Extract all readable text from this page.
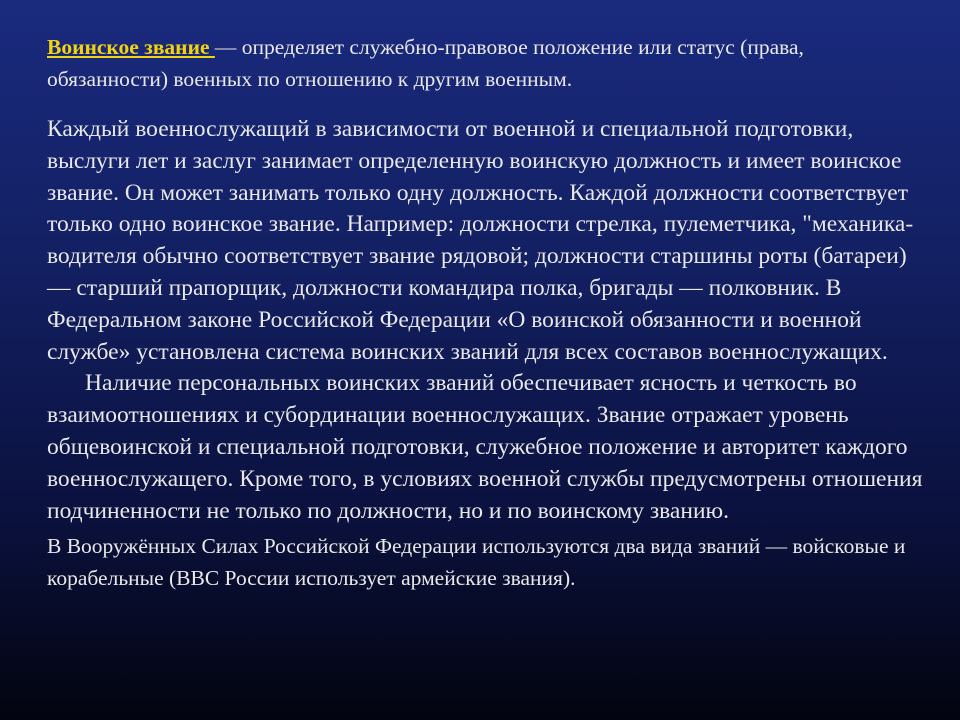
Воинское звание — определяет служебно-правовое положение или статус (права, обязанности) военных по отношению к другим военным.

Каждый военнослужащий в зависимости от военной и специальной подготовки, выслуги лет и заслуг занимает определенную воинскую должность и имеет воинское звание. Он может занимать только одну должность. Каждой должности соответствует только одно воинское звание. Например: должности стрелка, пулеметчика, "механика-водителя обычно соответствует звание рядовой; должности старшины роты (батареи) — старший прапорщик, должности командира полка, бригады — полковник. В Федеральном законе Российской Федерации «О воинской обязанности и военной службе» установлена система воинских званий для всех составов военнослужащих.

Наличие персональных воинских званий обеспечивает ясность и четкость во взаимоотношениях и субординации военнослужащих. Звание отражает уровень общевоинской и специальной подготовки, служебное положение и авторитет каждого военнослужащего. Кроме того, в условиях военной службы предусмотрены отношения подчиненности не только по должности, но и по воинскому званию.

В Вооружённых Силах Российской Федерации используются два вида званий — войсковые и корабельные (ВВС России использует армейские звания).
